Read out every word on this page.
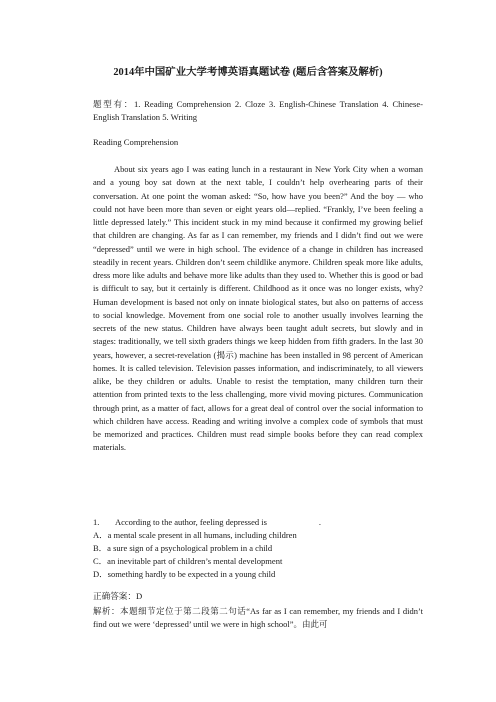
2014年中国矿业大学考博英语真题试卷 (题后含答案及解析)
题型有：1. Reading Comprehension 2. Cloze 3. English-Chinese Translation 4. Chinese-English Translation 5. Writing
Reading Comprehension
About six years ago I was eating lunch in a restaurant in New York City when a woman and a young boy sat down at the next table, I couldn’t help overhearing parts of their conversation. At one point the woman asked: “So, how have you been?” And the boy — who could not have been more than seven or eight years old—replied. “Frankly, I’ve been feeling a little depressed lately.” This incident stuck in my mind because it confirmed my growing belief that children are changing. As far as I can remember, my friends and I didn’t find out we were “depressed” until we were in high school. The evidence of a change in children has increased steadily in recent years. Children don’t seem childlike anymore. Children speak more like adults, dress more like adults and behave more like adults than they used to. Whether this is good or bad is difficult to say, but it certainly is different. Childhood as it once was no longer exists, why? Human development is based not only on innate biological states, but also on patterns of access to social knowledge. Movement from one social role to another usually involves learning the secrets of the new status. Children have always been taught adult secrets, but slowly and in stages: traditionally, we tell sixth graders things we keep hidden from fifth graders. In the last 30 years, however, a secret-revelation (揭示) machine has been installed in 98 percent of American homes. It is called television. Television passes information, and indiscriminately, to all viewers alike, be they children or adults. Unable to resist the temptation, many children turn their attention from printed texts to the less challenging, more vivid moving pictures. Communication through print, as a matter of fact, allows for a great deal of control over the social information to which children have access. Reading and writing involve a complex code of symbols that must be memorized and practices. Children must read simple books before they can read complex materials.
1. According to the author, feeling depressed is	.
A．a mental scale present in all humans, including children
B．a sure sign of a psychological problem in a child
C．an inevitable part of children’s mental development
D．something hardly to be expected in a young child
正确答案：D
解析：本题细节定位于第二段第二句话“As far as I can remember, my friends and I didn’t find out we were ‘depressed’ until we were in high school”。由此可
